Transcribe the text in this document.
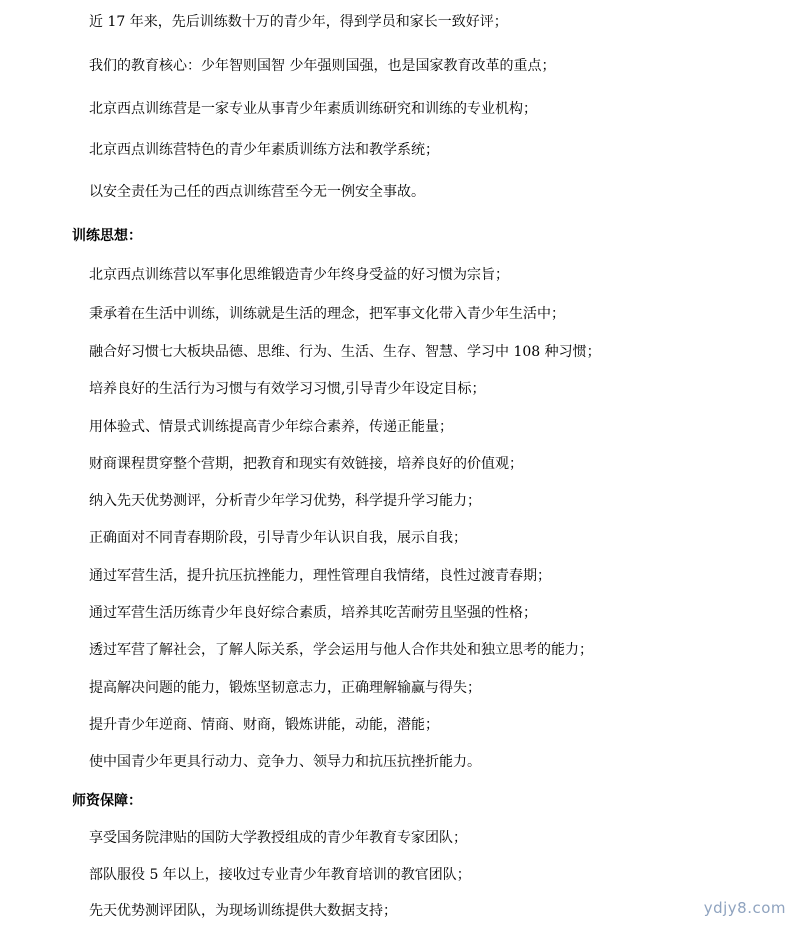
近 17 年来，先后训练数十万的青少年，得到学员和家长一致好评；
我们的教育核心：少年智则国智 少年强则国强，也是国家教育改革的重点；
北京西点训练营是一家专业从事青少年素质训练研究和训练的专业机构；
北京西点训练营特色的青少年素质训练方法和教学系统；
以安全责任为己任的西点训练营至今无一例安全事故。
训练思想：
北京西点训练营以军事化思维锻造青少年终身受益的好习惯为宗旨；
秉承着在生活中训练，训练就是生活的理念，把军事文化带入青少年生活中；
融合好习惯七大板块品德、思维、行为、生活、生存、智慧、学习中 108 种习惯；
培养良好的生活行为习惯与有效学习习惯,引导青少年设定目标；
用体验式、情景式训练提高青少年综合素养，传递正能量；
财商课程贯穿整个营期，把教育和现实有效链接，培养良好的价值观；
纳入先天优势测评，分析青少年学习优势，科学提升学习能力；
正确面对不同青春期阶段，引导青少年认识自我，展示自我；
通过军营生活，提升抗压抗挫能力，理性管理自我情绪，良性过渡青春期；
通过军营生活历练青少年良好综合素质，培养其吃苦耐劳且坚强的性格；
透过军营了解社会，了解人际关系，学会运用与他人合作共处和独立思考的能力；
提高解决问题的能力，锻炼坚韧意志力，正确理解输赢与得失；
提升青少年逆商、情商、财商，锻炼讲能，动能，潜能；
使中国青少年更具行动力、竞争力、领导力和抗压抗挫折能力。
师资保障：
享受国务院津贴的国防大学教授组成的青少年教育专家团队；
部队服役 5 年以上，接收过专业青少年教育培训的教官团队；
先天优势测评团队，为现场训练提供大数据支持；	ydjy8.com
